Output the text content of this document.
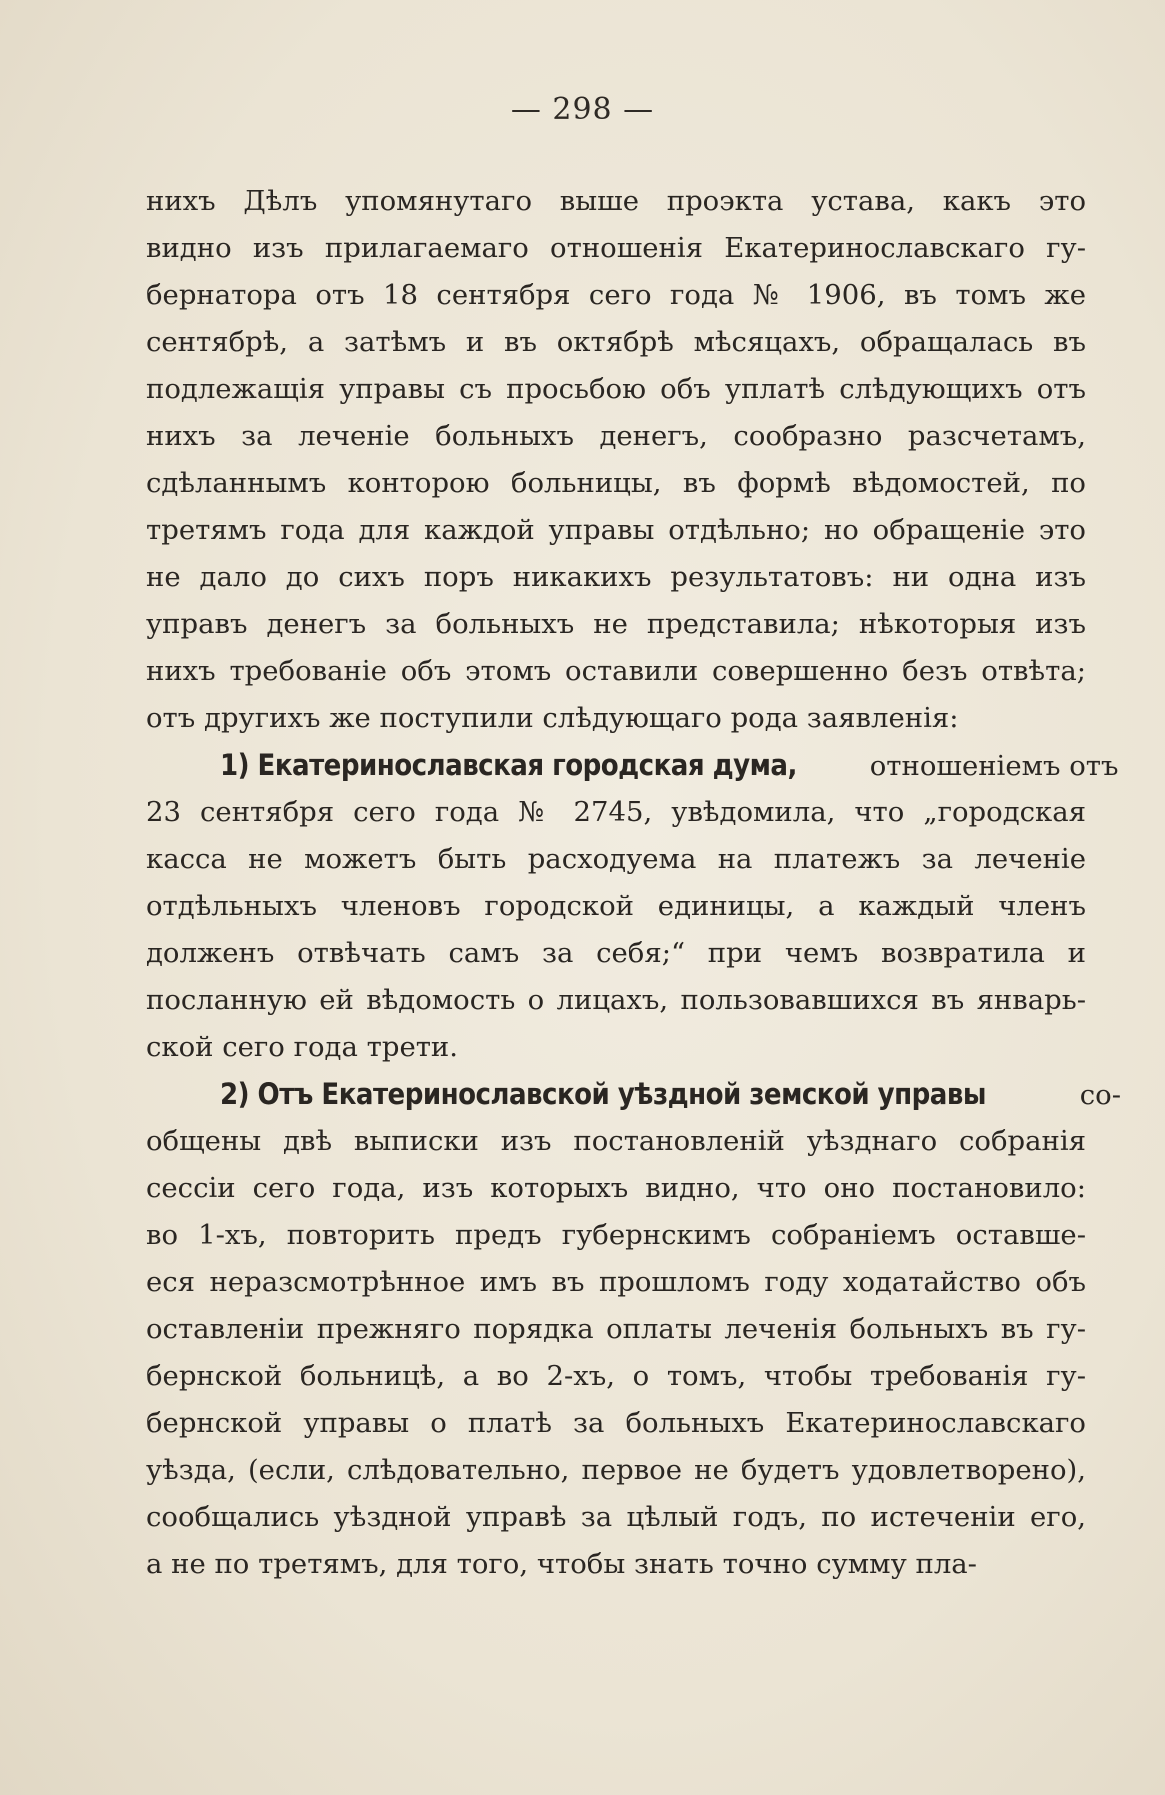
— 298 —
нихъ Дѣлъ упомянутаго выше проэкта устава, какъ это
видно изъ прилагаемаго отношенія Екатеринославскаго гу-
бернатора отъ 18 сентября сего года № 1906, въ томъ же
сентябрѣ, а затѣмъ и въ октябрѣ мѣсяцахъ, обращалась въ
подлежащія управы съ просьбою объ уплатѣ слѣдующихъ отъ
нихъ за леченіе больныхъ денегъ, сообразно разсчетамъ,
сдѣланнымъ конторою больницы, въ формѣ вѣдомостей, по
третямъ года для каждой управы отдѣльно; но обращеніе это
не дало до сихъ поръ никакихъ результатовъ: ни одна изъ
управъ денегъ за больныхъ не представила; нѣкоторыя изъ
нихъ требованіе объ этомъ оставили совершенно безъ отвѣта;
отъ другихъ же поступили слѣдующаго рода заявленія:
1) Екатеринославская городская дума,	отношеніемъ отъ
23 сентября сего года № 2745, увѣдомила, что „городская
касса не можетъ быть расходуема на платежъ за леченіе
отдѣльныхъ членовъ городской единицы, а каждый членъ
долженъ отвѣчать самъ за себя;“ при чемъ возвратила и
посланную ей вѣдомость о лицахъ, пользовавшихся въ январь-
ской сего года трети.
2) Отъ Екатеринославской уѣздной земской управы	со-
общены двѣ выписки изъ постановленій уѣзднаго собранія
сессіи сего года, изъ которыхъ видно, что оно постановило:
во 1-хъ, повторить предъ губернскимъ собраніемъ оставше-
еся неразсмотрѣнное имъ въ прошломъ году ходатайство объ
оставленіи прежняго порядка оплаты леченія больныхъ въ гу-
бернской больницѣ, а во 2-хъ, о томъ, чтобы требованія гу-
бернской управы о платѣ за больныхъ Екатеринославскаго
уѣзда, (если, слѣдовательно, первое не будетъ удовлетворено),
сообщались уѣздной управѣ за цѣлый годъ, по истеченіи его,
а не по третямъ, для того, чтобы знать точно сумму пла-
